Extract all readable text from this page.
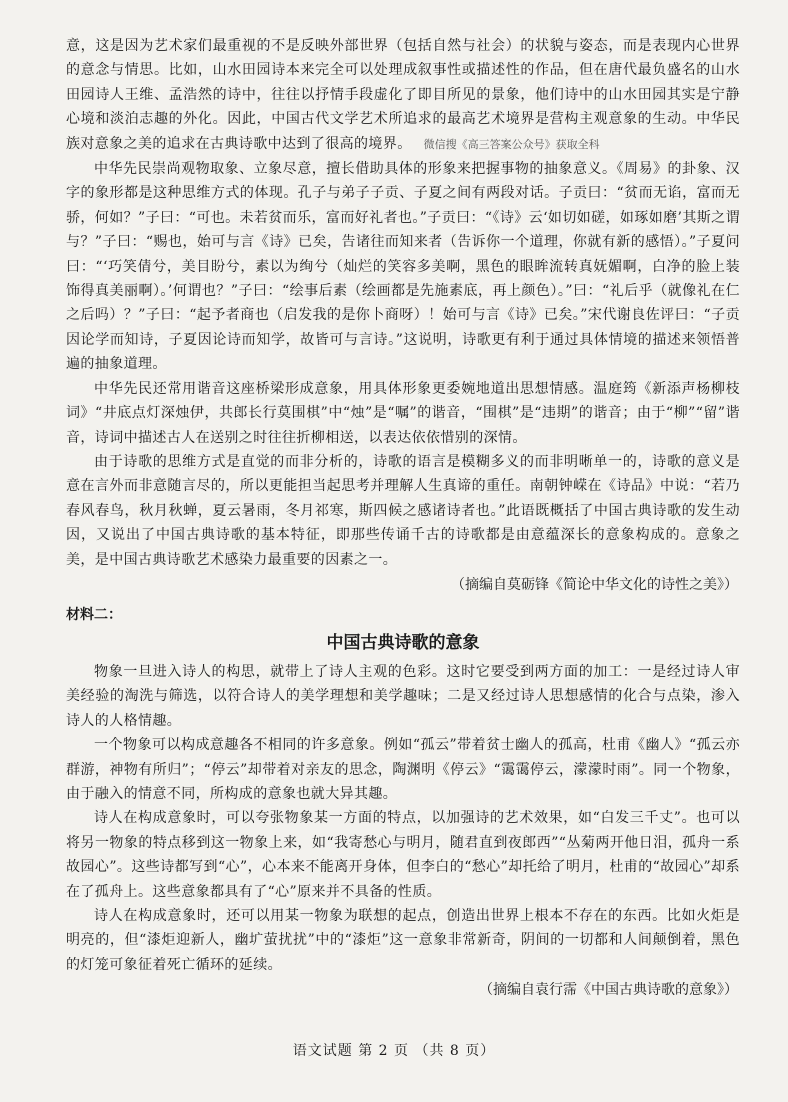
意，这是因为艺术家们最重视的不是反映外部世界（包括自然与社会）的状貌与姿态，而是表现内心世界的意念与情思。比如，山水田园诗本来完全可以处理成叙事性或描述性的作品，但在唐代最负盛名的山水田园诗人王维、孟浩然的诗中，往往以抒情手段虚化了即目所见的景象，他们诗中的山水田园其实是宁静心境和淡泊志趣的外化。因此，中国古代文学艺术所追求的最高艺术境界是营构主观意象的生动。中华民族对意象之美的追求在古典诗歌中达到了很高的境界。 微信搜《高三答案公众号》获取全科

中华先民崇尚观物取象、立象尽意，擅长借助具体的形象来把握事物的抽象意义。《周易》的卦象、汉字的象形都是这种思维方式的体现。孔子与弟子子贡、子夏之间有两段对话。子贡曰：“贫而无谄，富而无骄，何如？”子曰：“可也。未若贫而乐，富而好礼者也。”子贡曰：“《诗》云‘如切如磋，如琢如磨’其斯之谓与？”子曰：“赐也，始可与言《诗》已矣，告诸往而知来者（告诉你一个道理，你就有新的感悟）。”子夏问曰：“‘巧笑倩兮，美目盼兮，素以为绚兮（灿烂的笑容多美啊，黑色的眼眸流转真妩媚啊，白净的脸上装饰得真美丽啊）。’何谓也？”子曰：“绘事后素（绘画都是先施素底，再上颜色）。”曰：“礼后乎（就像礼在仁之后吗）？”子曰：“起予者商也（启发我的是你卜商呀）！始可与言《诗》已矣。”宋代谢良佐评曰：“子贡因论学而知诗，子夏因论诗而知学，故皆可与言诗。”这说明，诗歌更有利于通过具体情境的描述来领悟普遍的抽象道理。

中华先民还常用谐音这座桥梁形成意象，用具体形象更委婉地道出思想情感。温庭筠《新添声杨柳枝词》“井底点灯深烛伊，共郎长行莫围棋”中“烛”是“嘱”的谐音，“围棋”是“违期”的谐音；由于“柳”“留”谐音，诗词中描述古人在送别之时往往折柳相送，以表达依依惜别的深情。

由于诗歌的思维方式是直觉的而非分析的，诗歌的语言是模糊多义的而非明晰单一的，诗歌的意义是意在言外而非意随言尽的，所以更能担当起思考并理解人生真谛的重任。南朝钟嵘在《诗品》中说：“若乃春风春鸟，秋月秋蝉，夏云暑雨，冬月祁寒，斯四候之感诸诗者也。”此语既概括了中国古典诗歌的发生动因，又说出了中国古典诗歌的基本特征，即那些传诵千古的诗歌都是由意蕴深长的意象构成的。意象之美，是中国古典诗歌艺术感染力最重要的因素之一。

（摘编自莫砺锋《简论中华文化的诗性之美》）

材料二：

中国古典诗歌的意象

物象一旦进入诗人的构思，就带上了诗人主观的色彩。这时它要受到两方面的加工：一是经过诗人审美经验的淘洗与筛选，以符合诗人的美学理想和美学趣味；二是又经过诗人思想感情的化合与点染，渗入诗人的人格情趣。

一个物象可以构成意趣各不相同的许多意象。例如“孤云”带着贫士幽人的孤高，杜甫《幽人》“孤云亦群游，神物有所归”；“停云”却带着对亲友的思念，陶渊明《停云》“霭霭停云，濛濛时雨”。同一个物象，由于融入的情意不同，所构成的意象也就大异其趣。

诗人在构成意象时，可以夸张物象某一方面的特点，以加强诗的艺术效果，如“白发三千丈”。也可以将另一物象的特点移到这一物象上来，如“我寄愁心与明月，随君直到夜郎西”“丛菊两开他日泪，孤舟一系故园心”。这些诗都写到“心”，心本来不能离开身体，但李白的“愁心”却托给了明月，杜甫的“故园心”却系在了孤舟上。这些意象都具有了“心”原来并不具备的性质。

诗人在构成意象时，还可以用某一物象为联想的起点，创造出世界上根本不存在的东西。比如火炬是明亮的，但“漆炬迎新人，幽圹萤扰扰”中的“漆炬”这一意象非常新奇，阴间的一切都和人间颠倒着，黑色的灯笼可象征着死亡循环的延续。

（摘编自袁行霈《中国古典诗歌的意象》）

语文试题 第 2 页 （共 8 页）
